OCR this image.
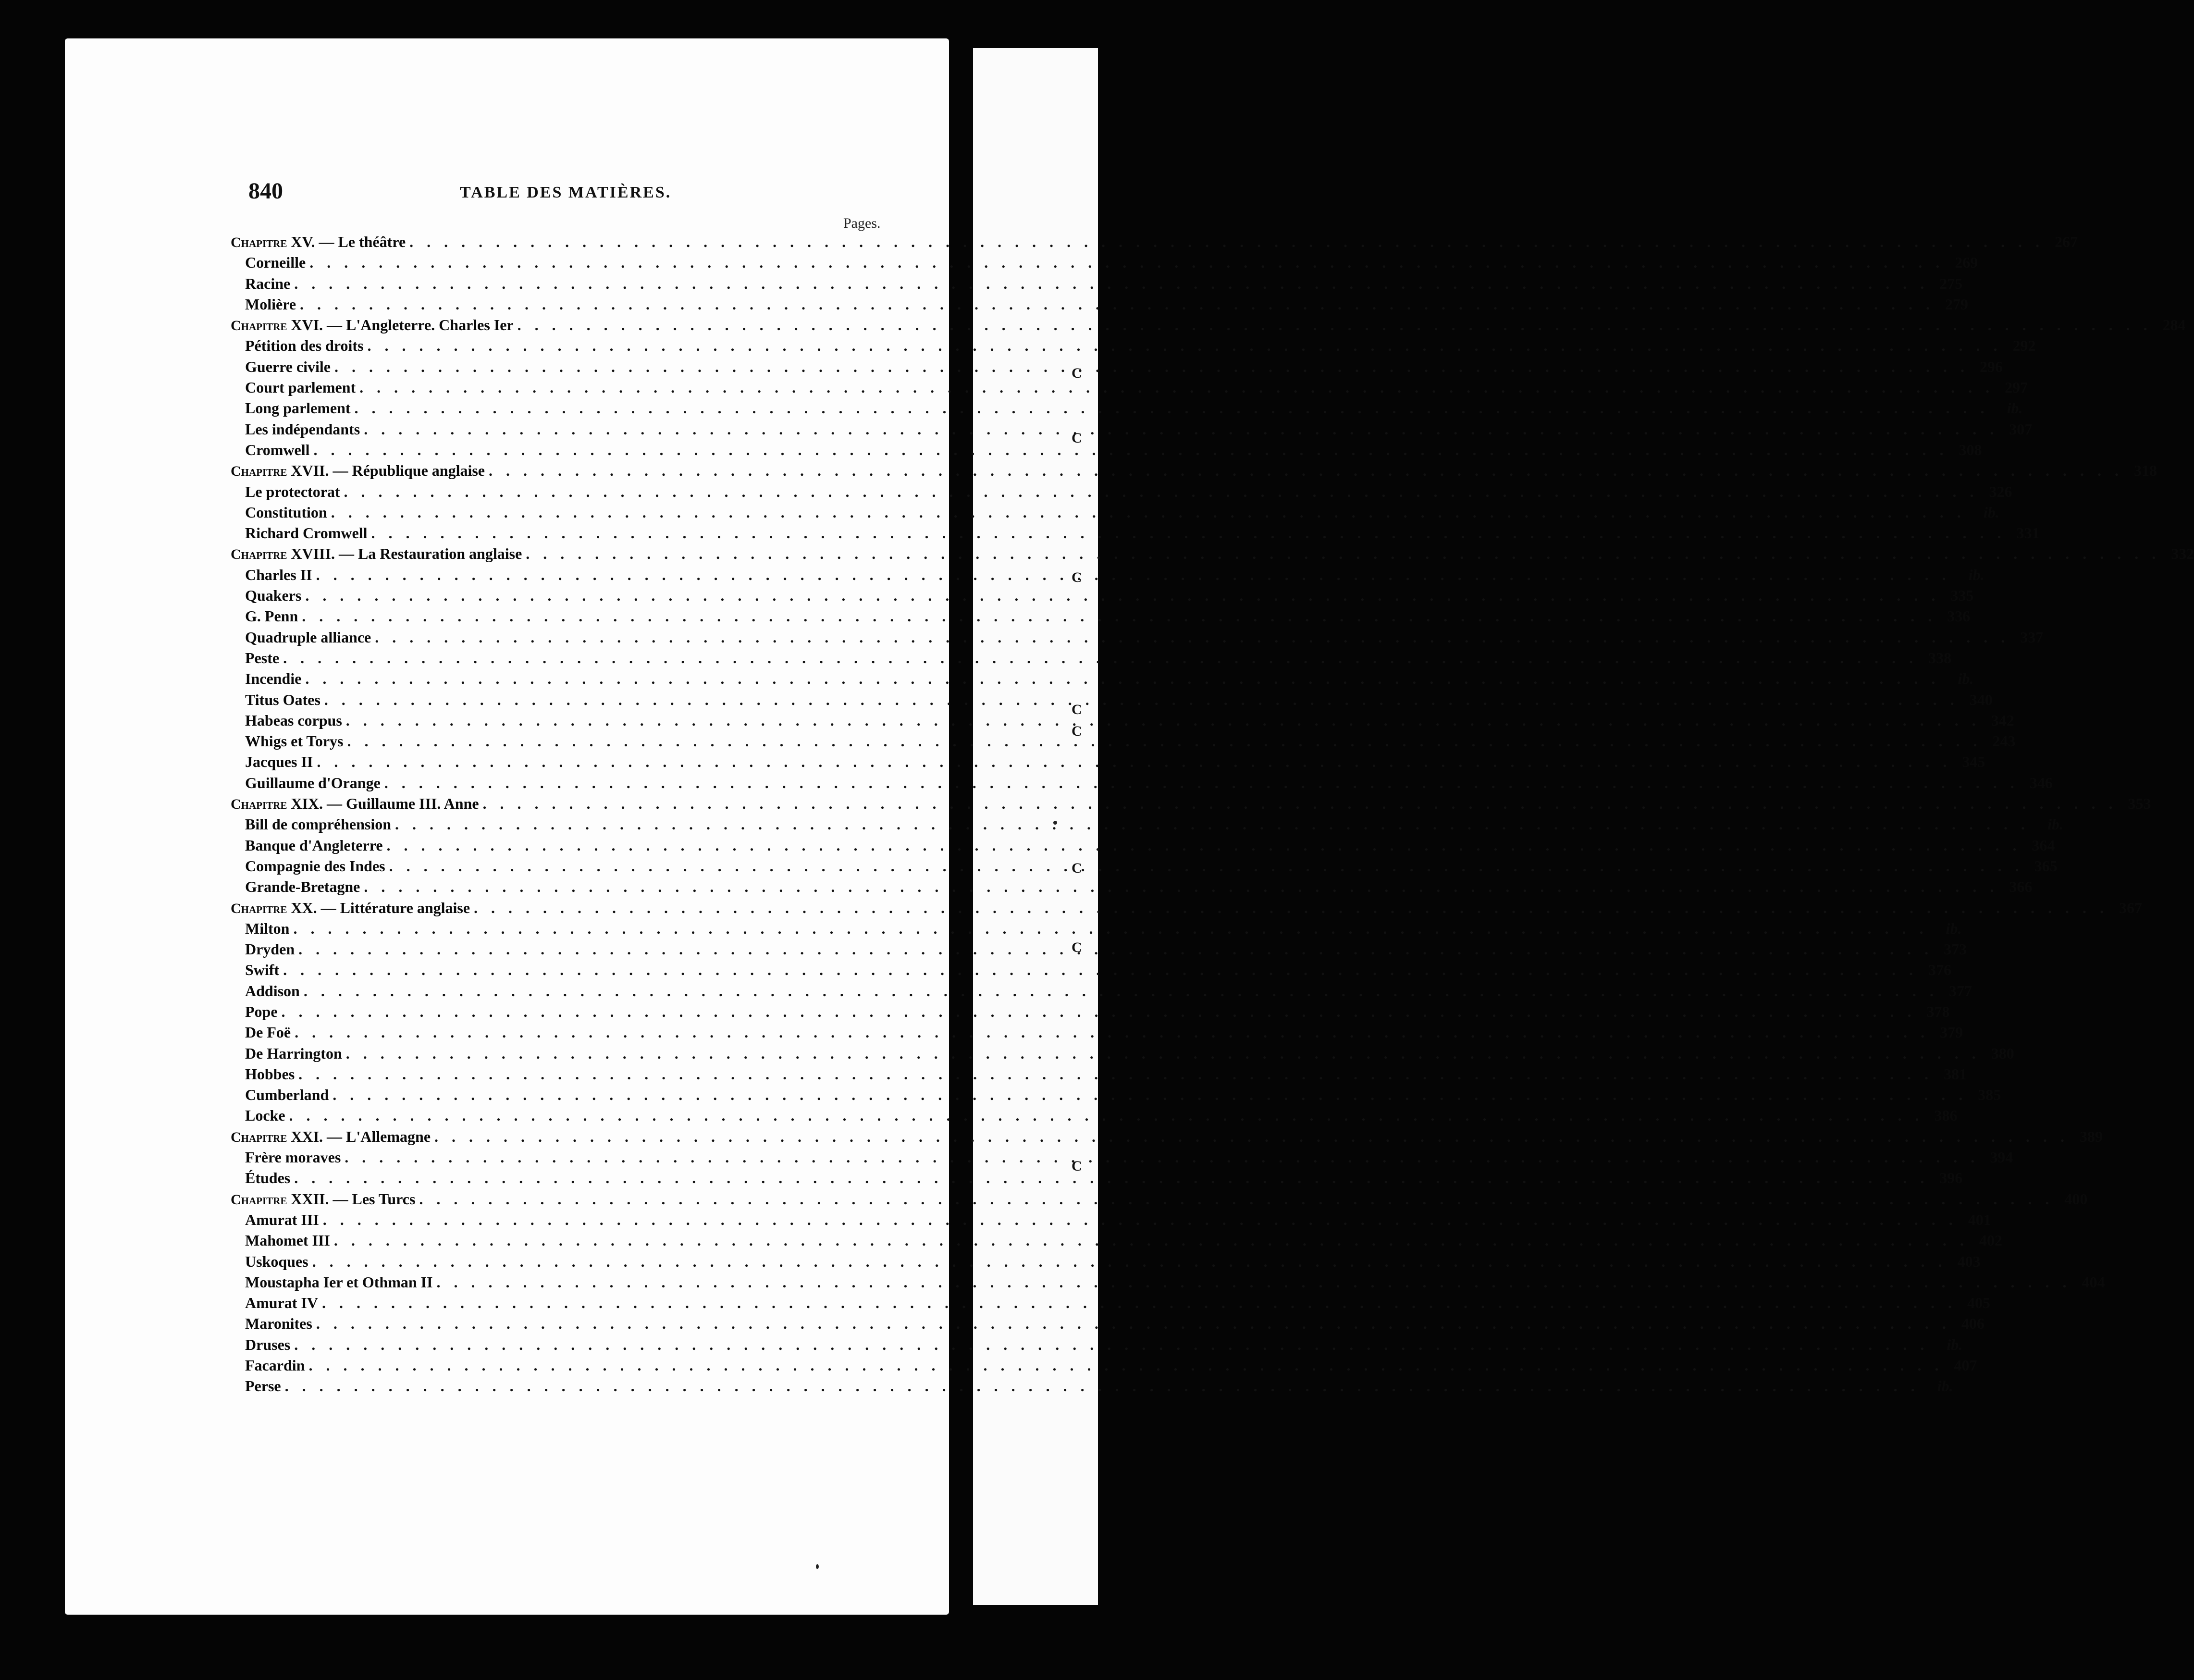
C
C
C
C
C
C
C
C
840	TABLE DES MATIÈRES.
Pages.
Chapitre XV. — Le théâtre . . .	267
Corneille . . .	269
Racine . . .	275
Molière . . .	279
Chapitre XVI. — L'Angleterre. Charles Ier . . .	284
Pétition des droits . . .	292
Guerre civile . . .	296
Court parlement . . .	297
Long parlement . . .	ib.
Les indépendants . . .	307
Cromwell . . .	308
Chapitre XVII. — République anglaise . . .	318
Le protectorat . . .	326
Constitution . . .	ib.
Richard Cromwell . . .	331
Chapitre XVIII. — La Restauration anglaise . . .	332
Charles II . . .	ib.
Quakers . . .	335
G. Penn . . .	336
Quadruple alliance . . .	337
Peste . . .	338
Incendie . . .	ib.
Titus Oates . . .	340
Habeas corpus . . .	342
Whigs et Torys . . .	243
Jacques II . . .	345
Guillaume d'Orange . . .	346
Chapitre XIX. — Guillaume III. Anne . . .	353
Bill de compréhension . . .	ib.
Banque d'Angleterre . . .	364
Compagnie des Indes . . .	365
Grande-Bretagne . . .	366
Chapitre XX. — Littérature anglaise . . .	367
Milton . . .	ib.
Dryden . . .	373
Swift . . .	376
Addison . . .	377
Pope . . .	378
De Foë . . .	379
De Harrington . . .	380
Hobbes . . .	381
Cumberland . . .	385
Locke . . .	386
Chapitre XXI. — L'Allemagne . . .	389
Frère moraves . . .	394
Études . . .	396
Chapitre XXII. — Les Turcs . . .	400
Amurat III . . .	401
Mahomet III . . .	402
Uskoques . . .	403
Moustapha Ier et Othman II . . .	404
Amurat IV . . .	405
Maronites . . .	406
Druses . . .	ib.
Facardin . . .	407
Perse . . .	ib.
